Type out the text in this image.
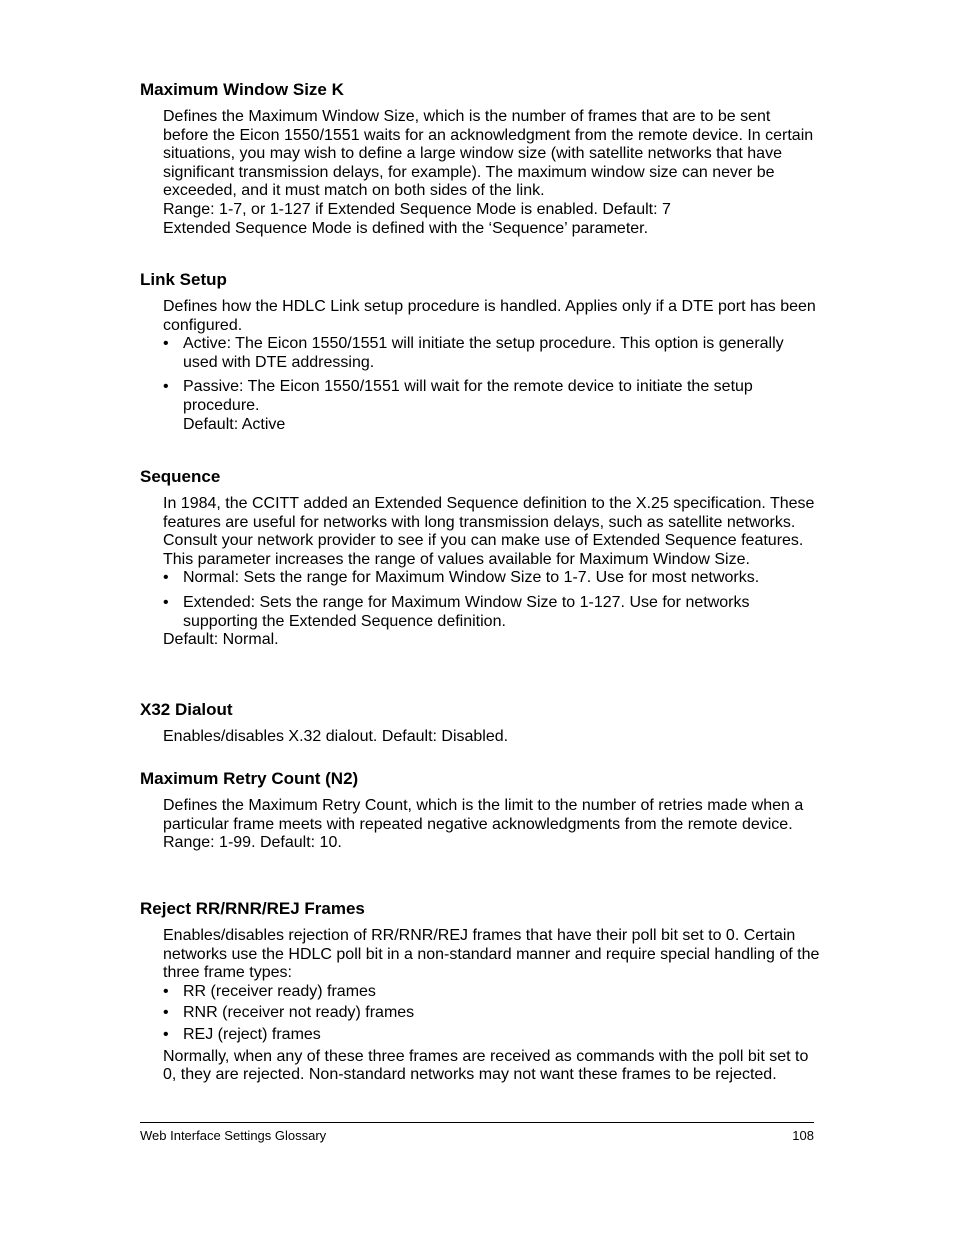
Maximum Window Size K

Defines the Maximum Window Size, which is the number of frames that are to be sent before the Eicon 1550/1551 waits for an acknowledgment from the remote device. In certain situations, you may wish to define a large window size (with satellite networks that have significant transmission delays, for example). The maximum window size can never be exceeded, and it must match on both sides of the link.

Range: 1-7, or 1-127 if Extended Sequence Mode is enabled. Default: 7

Extended Sequence Mode is defined with the ‘Sequence’ parameter.

Link Setup

Defines how the HDLC Link setup procedure is handled. Applies only if a DTE port has been configured.

• Active: The Eicon 1550/1551 will initiate the setup procedure. This option is generally used with DTE addressing.
• Passive: The Eicon 1550/1551 will wait for the remote device to initiate the setup procedure.

Default: Active

Sequence

In 1984, the CCITT added an Extended Sequence definition to the X.25 specification. These features are useful for networks with long transmission delays, such as satellite networks. Consult your network provider to see if you can make use of Extended Sequence features. This parameter increases the range of values available for Maximum Window Size.

• Normal: Sets the range for Maximum Window Size to 1-7. Use for most networks.
• Extended: Sets the range for Maximum Window Size to 1-127. Use for networks supporting the Extended Sequence definition.

Default: Normal.

X32 Dialout

Enables/disables X.32 dialout. Default: Disabled.

Maximum Retry Count (N2)

Defines the Maximum Retry Count, which is the limit to the number of retries made when a particular frame meets with repeated negative acknowledgments from the remote device.

Range: 1-99. Default: 10.

Reject RR/RNR/REJ Frames

Enables/disables rejection of RR/RNR/REJ frames that have their poll bit set to 0. Certain networks use the HDLC poll bit in a non-standard manner and require special handling of the three frame types:

• RR (receiver ready) frames
• RNR (receiver not ready) frames
• REJ (reject) frames

Normally, when any of these three frames are received as commands with the poll bit set to 0, they are rejected. Non-standard networks may not want these frames to be rejected.

Web Interface Settings Glossary	108
